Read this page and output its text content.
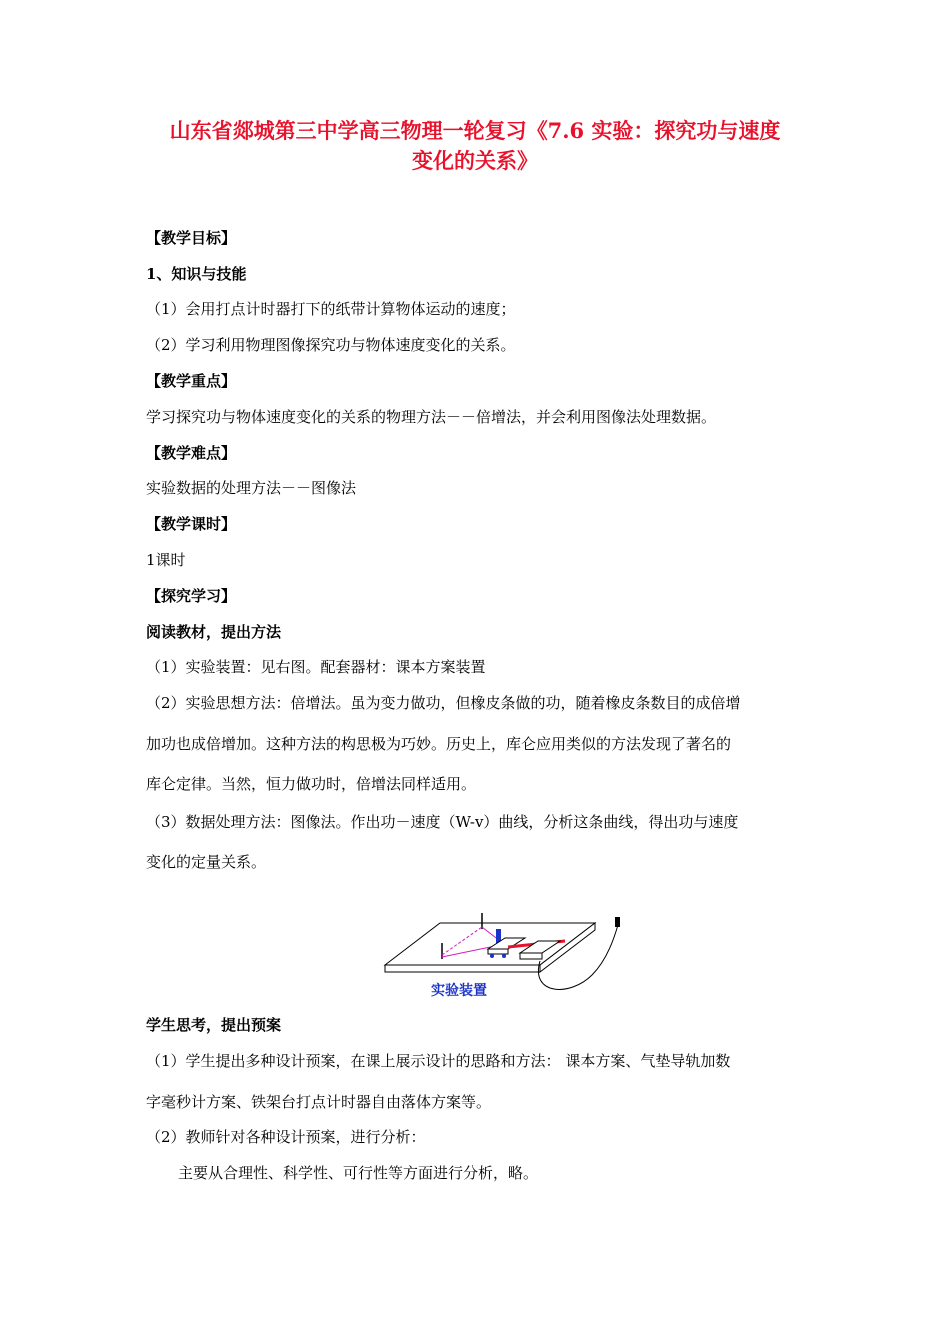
山东省郯城第三中学高三物理一轮复习《7.6 实验：探究功与速度
变化的关系》
【教学目标】
1、知识与技能
（1）会用打点计时器打下的纸带计算物体运动的速度；
（2）学习利用物理图像探究功与物体速度变化的关系。
【教学重点】
学习探究功与物体速度变化的关系的物理方法－－倍增法，并会利用图像法处理数据。
【教学难点】
实验数据的处理方法－－图像法
【教学课时】
1课时
【探究学习】
阅读教材，提出方法
（1）实验装置：见右图。配套器材：课本方案装置
（2）实验思想方法：倍增法。虽为变力做功，但橡皮条做的功，随着橡皮条数目的成倍增
加功也成倍增加。这种方法的构思极为巧妙。历史上，库仑应用类似的方法发现了著名的
库仑定律。当然，恒力做功时，倍增法同样适用。
（3）数据处理方法：图像法。作出功－速度（W-v）曲线，分析这条曲线，得出功与速度
变化的定量关系。
实验装置
学生思考，提出预案
（1）学生提出多种设计预案，在课上展示设计的思路和方法： 课本方案、气垫导轨加数
字毫秒计方案、铁架台打点计时器自由落体方案等。
（2）教师针对各种设计预案，进行分析：
主要从合理性、科学性、可行性等方面进行分析，略。
